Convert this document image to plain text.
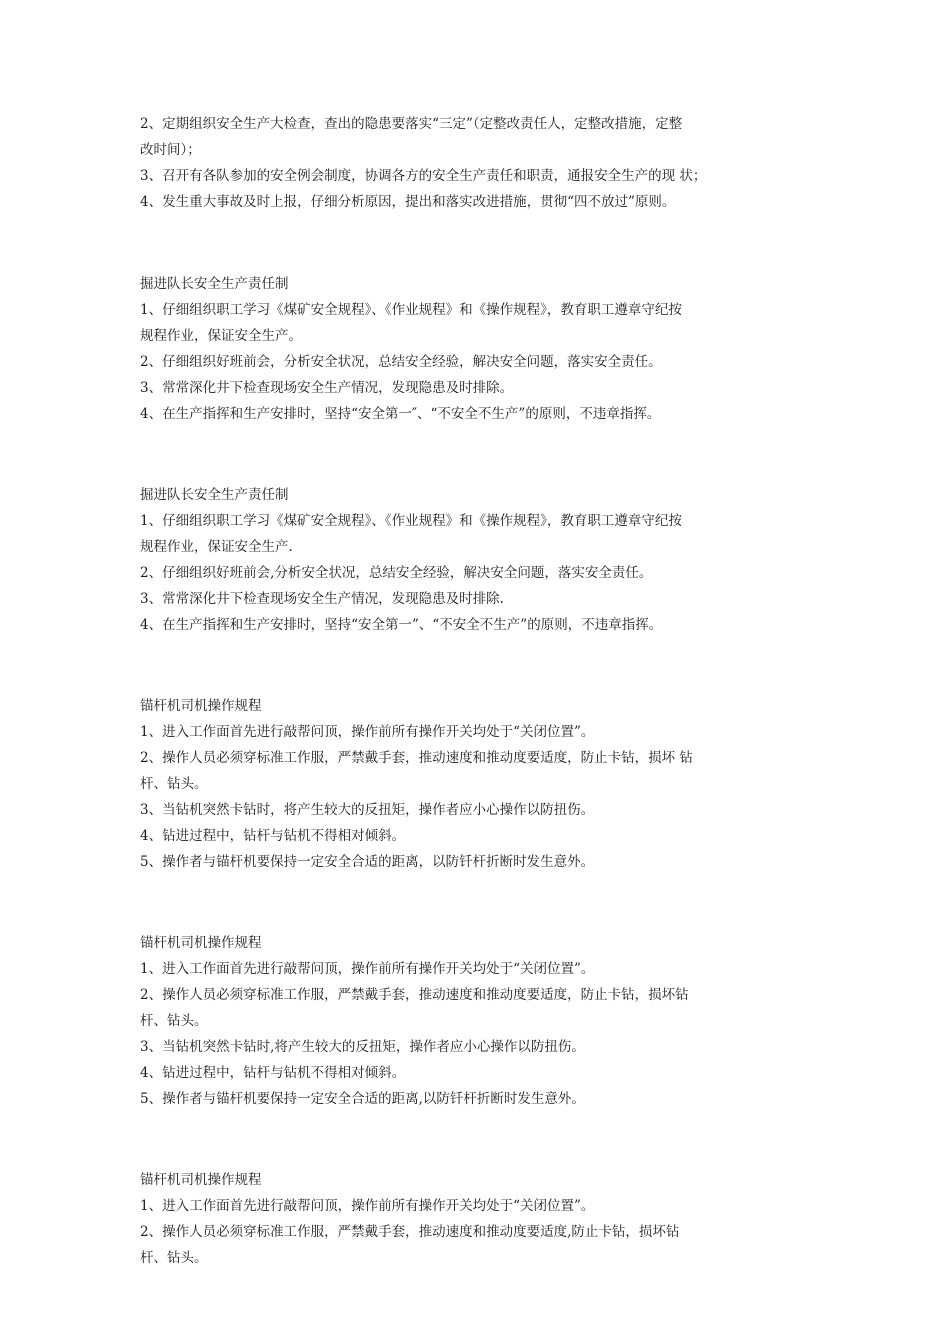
2、定期组织安全生产大检查，查出的隐患要落实“三定”（定整改责任人，定整改措施，定整

改时间）；

3、召开有各队参加的安全例会制度，协调各方的安全生产责任和职责，通报安全生产的现 状；

4、发生重大事故及时上报，仔细分析原因，提出和落实改进措施，贯彻“四不放过”原则。

掘进队长安全生产责任制

1、仔细组织职工学习《煤矿安全规程》、《作业规程》和《操作规程》，教育职工遵章守纪按

规程作业，保证安全生产。

2、仔细组织好班前会，分析安全状况，总结安全经验，解决安全问题，落实安全责任。

3、常常深化井下检查现场安全生产情况，发现隐患及时排除。

4、在生产指挥和生产安排时，坚持“安全第一″、“不安全不生产”的原则，不违章指挥。

掘进队长安全生产责任制

1、仔细组织职工学习《煤矿安全规程》、《作业规程》和《操作规程》，教育职工遵章守纪按

规程作业，保证安全生产.

2、仔细组织好班前会,分析安全状况，总结安全经验，解决安全问题，落实安全责任。

3、常常深化井下检查现场安全生产情况，发现隐患及时排除.

4、在生产指挥和生产安排时，坚持“安全第一”、“不安全不生产”的原则，不违章指挥。

锚杆机司机操作规程

1、进入工作面首先进行敲帮问顶，操作前所有操作开关均处于“关闭位置”。

2、操作人员必须穿标准工作服，严禁戴手套，推动速度和推动度要适度，防止卡钻，损坏 钻

杆、钻头。

3、当钻机突然卡钻时，将产生较大的反扭矩，操作者应小心操作以防扭伤。

4、钻进过程中，钻杆与钻机不得相对倾斜。

5、操作者与锚杆机要保持一定安全合适的距离，以防钎杆折断时发生意外。

锚杆机司机操作规程

1、进入工作面首先进行敲帮问顶，操作前所有操作开关均处于“关闭位置”。

2、操作人员必须穿标准工作服，严禁戴手套，推动速度和推动度要适度，防止卡钻，损坏钻

杆、钻头。

3、当钻机突然卡钻时,将产生较大的反扭矩，操作者应小心操作以防扭伤。

4、钻进过程中，钻杆与钻机不得相对倾斜。

5、操作者与锚杆机要保持一定安全合适的距离,以防钎杆折断时发生意外。

锚杆机司机操作规程

1、进入工作面首先进行敲帮问顶，操作前所有操作开关均处于“关闭位置”。

2、操作人员必须穿标准工作服，严禁戴手套，推动速度和推动度要适度,防止卡钻，损坏钻

杆、钻头。
